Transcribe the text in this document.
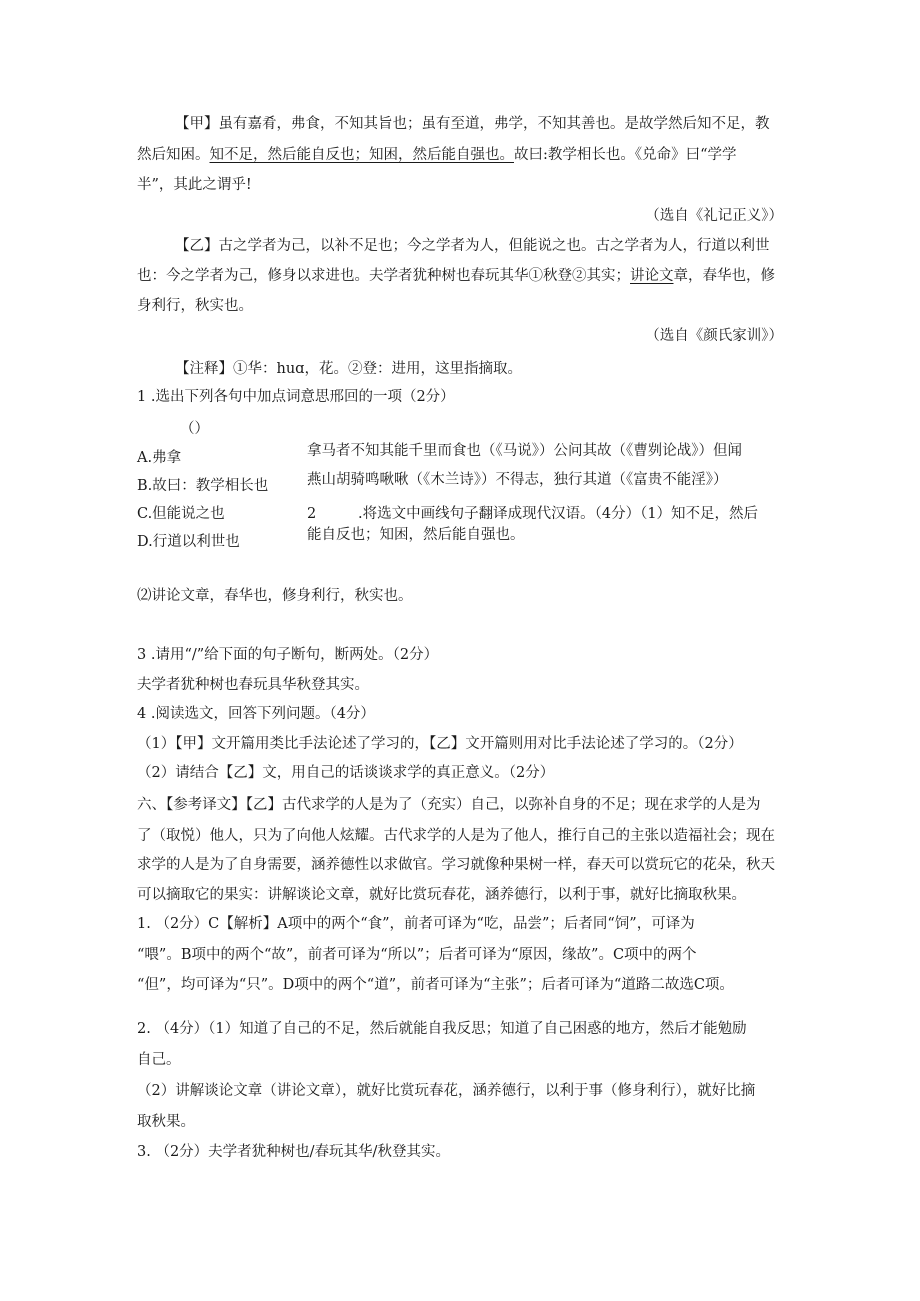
【甲】虽有嘉肴，弗食，不知其旨也；虽有至道，弗学，不知其善也。是故学然后知不足，教
然后知困。知不足，然后能自反也；知困，然后能自强也。故曰:教学相长也。《兑命》曰“学学
半”，其此之谓乎!
（选自《礼记正义》）
【乙】古之学者为己，以补不足也；今之学者为人，但能说之也。古之学者为人，行道以利世
也：今之学者为己，修身以求进也。夫学者犹种树也春玩其华①秋登②其实；讲论文章，春华也，修
身利行，秋实也。
（选自《颜氏家训》）
【注释】①华：huɑ，花。②登：进用，这里指摘取。
1 .选出下列各句中加点词意思邢回的一项（2分）
（）
A.弗拿
B.故曰：教学相长也
C.但能说之也
D.行道以利世也
拿马者不知其能千里而食也（《马说》）公问其故（《曹刿论战》）但闻
燕山胡骑鸣啾啾（《木兰诗》）不得志，独行其道（《富贵不能淫》）
2	.将选文中画线句子翻译成现代汉语。（4分）（1）知不足，然后
能自反也；知困，然后能自强也。
⑵讲论文章，春华也，修身利行，秋实也。
3 .请用“/”给下面的句子断句，断两处。（2分）
夫学者犹种树也春玩具华秋登其实。
4 .阅读选文，回答下列问题。（4分）
（1）【甲】文开篇用类比手法论述了学习的，【乙】文开篇则用对比手法论述了学习的。（2分）
（2）请结合【乙】文，用自己的话谈谈求学的真正意义。（2分）
六、【参考译文】【乙】古代求学的人是为了（充实）自己，以弥补自身的不足；现在求学的人是为
了（取悦）他人，只为了向他人炫耀。古代求学的人是为了他人，推行自己的主张以造福社会；现在
求学的人是为了自身需要，涵养德性以求做官。学习就像种果树一样，春天可以赏玩它的花朵，秋天
可以摘取它的果实：讲解谈论文章，就好比赏玩春花，涵养德行，以利于事，就好比摘取秋果。
1. （2分）C【解析】A项中的两个“食”，前者可译为“吃，品尝”；后者同“饲”，可译为
“喂”。B项中的两个“故”，前者可译为“所以”；后者可译为“原因，缘故”。C项中的两个
“但”，均可译为“只”。D项中的两个“道”，前者可译为“主张”；后者可译为“道路二故选C项。
2. （4分）（1）知道了自己的不足，然后就能自我反思；知道了自己困惑的地方，然后才能勉励
自己。
（2）讲解谈论文章（讲论文章），就好比赏玩春花，涵养德行，以利于事（修身利行），就好比摘
取秋果。
3. （2分）夫学者犹种树也/春玩其华/秋登其实。
